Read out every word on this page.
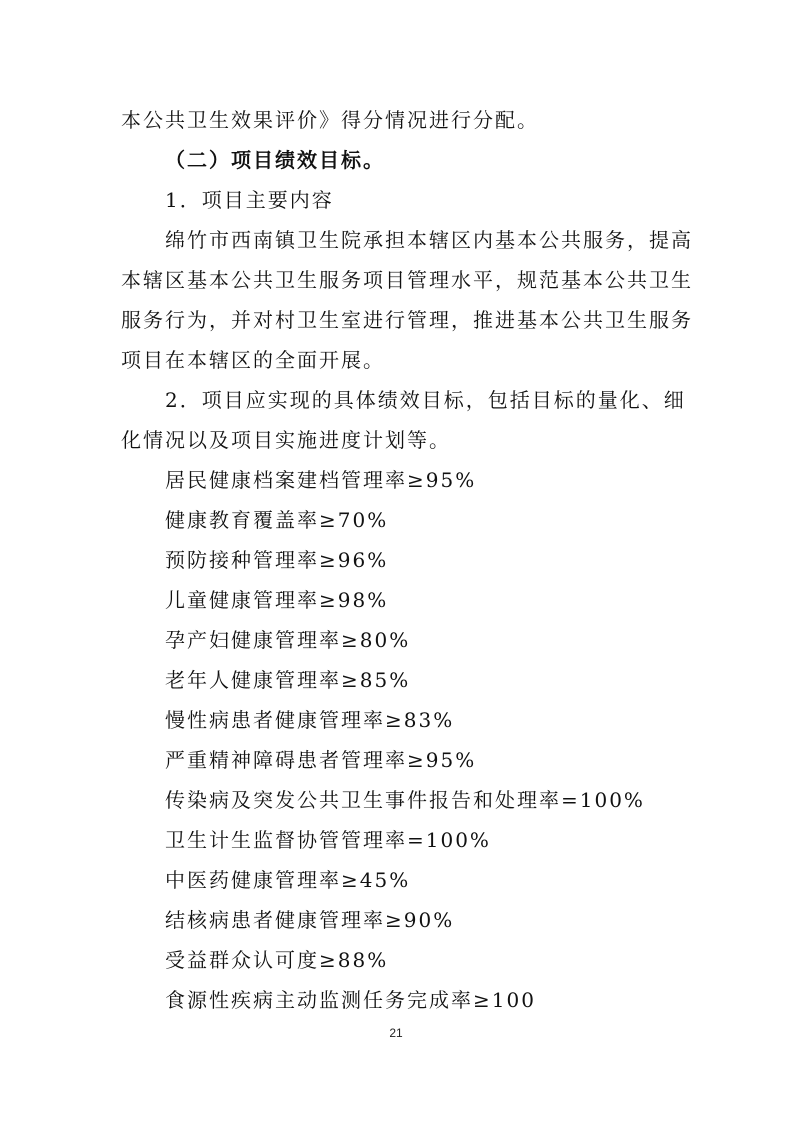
本公共卫生效果评价》得分情况进行分配。
（二）项目绩效目标。
1．项目主要内容
绵竹市西南镇卫生院承担本辖区内基本公共服务，提高
本辖区基本公共卫生服务项目管理水平，规范基本公共卫生
服务行为，并对村卫生室进行管理，推进基本公共卫生服务
项目在本辖区的全面开展。
2．项目应实现的具体绩效目标，包括目标的量化、细
化情况以及项目实施进度计划等。
居民健康档案建档管理率≥95%
健康教育覆盖率≥70%
预防接种管理率≥96%
儿童健康管理率≥98%
孕产妇健康管理率≥80%
老年人健康管理率≥85%
慢性病患者健康管理率≥83%
严重精神障碍患者管理率≥95%
传染病及突发公共卫生事件报告和处理率=100%
卫生计生监督协管管理率=100%
中医药健康管理率≥45%
结核病患者健康管理率≥90%
受益群众认可度≥88%
食源性疾病主动监测任务完成率≥100
21
